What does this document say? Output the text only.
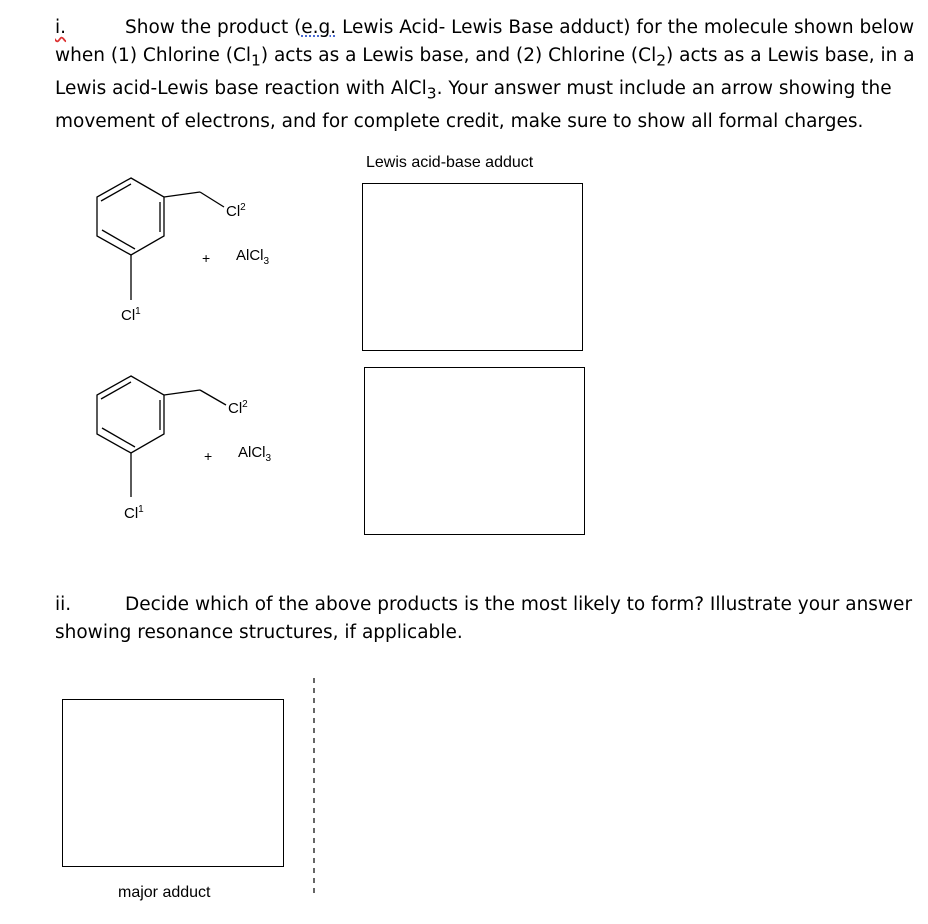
i.	Show the product (e.g. Lewis Acid- Lewis Base adduct) for the molecule shown below when (1) Chlorine $(Cl_1)$ acts as a Lewis base, and (2) Chlorine $(Cl_2)$ acts as a Lewis base, in a Lewis acid-Lewis base reaction with AlCl$_3$. Your answer must include an arrow showing the movement of electrons, and for complete credit, make sure to show all formal charges.

Lewis acid-base adduct
Cl$^2$
$Cl^1$
+ AlCl$_3$
Cl$^2$
$Cl^1$
+ AlCl$_3$

ii.	Decide which of the above products is the most likely to form? Illustrate your answer showing resonance structures, if applicable.

major adduct
